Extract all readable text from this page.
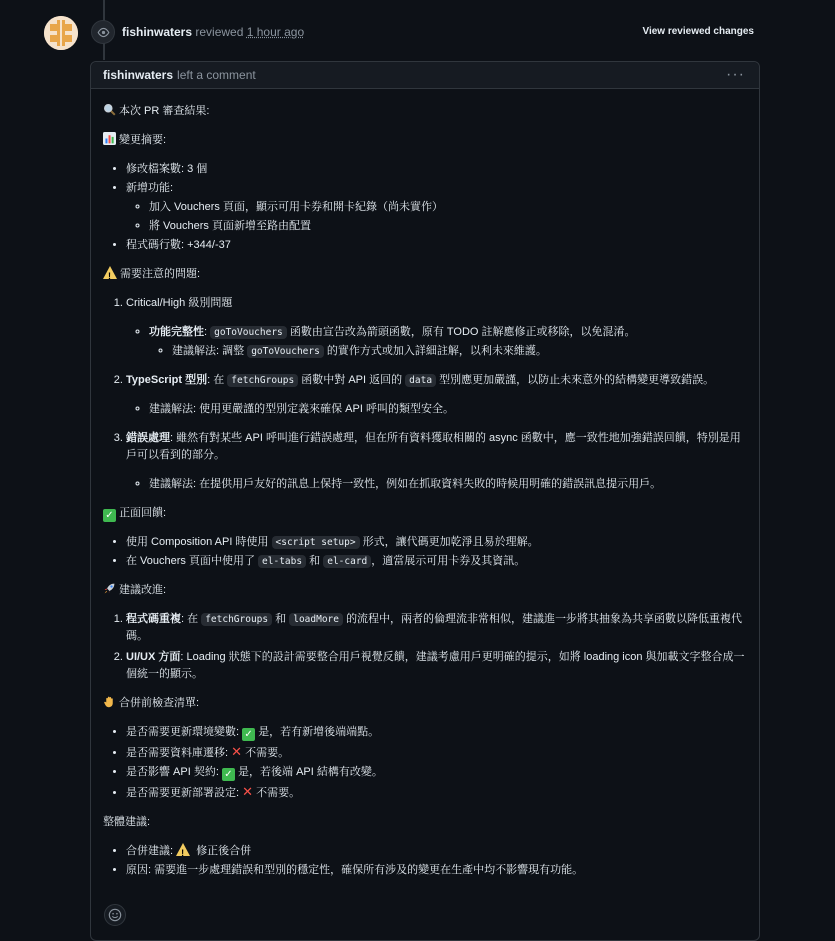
fishinwaters reviewed 1 hour ago	View reviewed changes
fishinwaters left a comment	···

本次 PR 審查結果:

變更摘要:

• 修改檔案數: 3 個
• 新增功能:
◦ 加入 Vouchers 頁面，顯示可用卡券和開卡紀錄（尚未實作）
◦ 將 Vouchers 頁面新增至路由配置
• 程式碼行數: +344/-37

!需要注意的問題:

1. Critical/High 級別問題
◦ 功能完整性: goToVouchers 函數由宣告改為箭頭函數，原有 TODO 註解應修正或移除，以免混淆。
◦ 建議解法: 調整 goToVouchers 的實作方式或加入詳細註解，以利未來維護。
2. TypeScript 型別: 在 fetchGroups 函數中對 API 返回的 data 型別應更加嚴謹，以防止未來意外的結構變更導致錯誤。
◦ 建議解法: 使用更嚴謹的型別定義來確保 API 呼叫的類型安全。
3. 錯誤處理: 雖然有對某些 API 呼叫進行錯誤處理，但在所有資料獲取相關的 async 函數中，應一致性地加強錯誤回饋，特別是用戶可以看到的部分。
◦ 建議解法: 在提供用戶友好的訊息上保持一致性，例如在抓取資料失敗的時候用明確的錯誤訊息提示用戶。

✓ 正面回饋:

• 使用 Composition API 時使用 <script setup> 形式，讓代碼更加乾淨且易於理解。
• 在 Vouchers 頁面中使用了 el-tabs 和 el-card ，適當展示可用卡券及其資訊。

建議改進:

1. 程式碼重複: 在 fetchGroups 和 loadMore 的流程中，兩者的倫理流非常相似，建議進一步將其抽象為共享函數以降低重複代碼。
2. UI/UX 方面: Loading 狀態下的設計需要整合用戶視覺反饋，建議考慮用戶更明確的提示，如將 loading icon 與加載文字整合成一個統一的顯示。

合併前檢查清單:

• 是否需要更新環境變數: ✓ 是，若有新增後端端點。
• 是否需要資料庫遷移: ✕ 不需要。
• 是否影響 API 契約: ✓ 是，若後端 API 結構有改變。
• 是否需要更新部署設定: ✕ 不需要。

整體建議:

• 合併建議: ! 修正後合併
• 原因: 需要進一步處理錯誤和型別的穩定性，確保所有涉及的變更在生產中均不影響現有功能。
